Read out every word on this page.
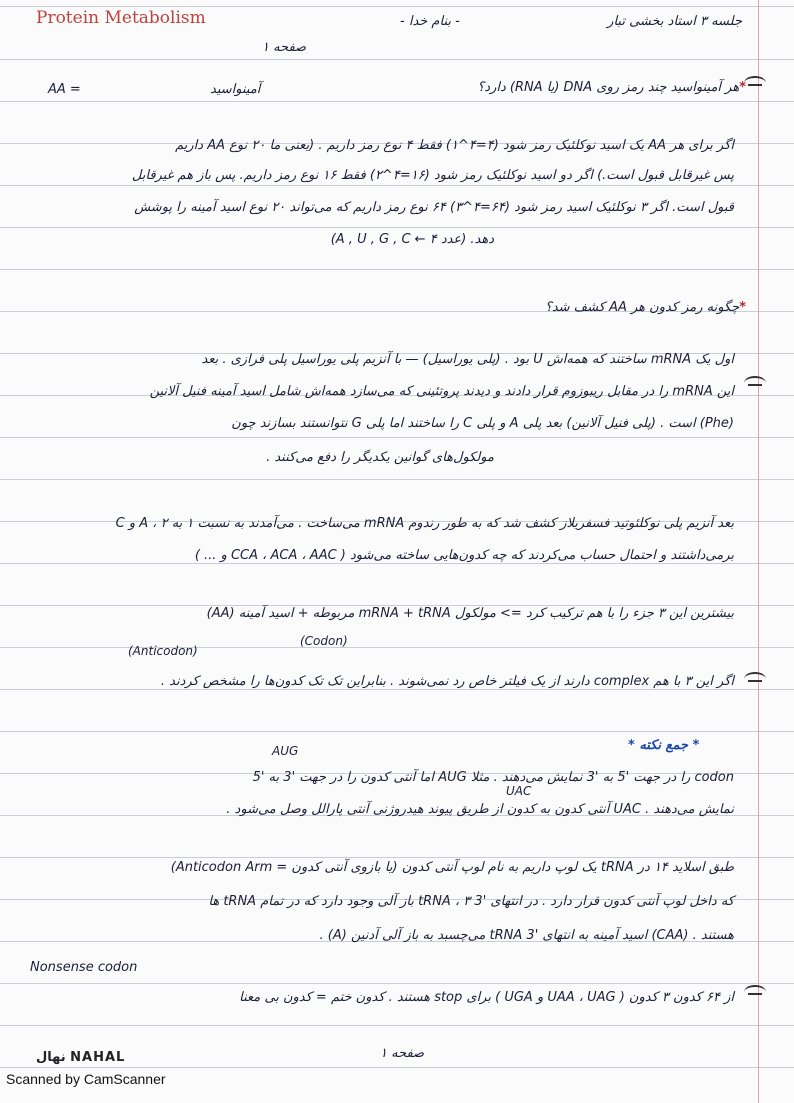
Protein Metabolism	- بنام خدا -	جلسه ۳ استاد بخشی تبار
صفحه ۱
AA =	آمینواسید	*هر آمینواسید چند رمز روی DNA (یا RNA) دارد؟
اگر برای هر AA یک اسید نوکلئیک رمز شود (۴=۴^۱) فقط ۴ نوع رمز داریم . (یعنی ما ۲۰ نوع AA داریم
پس غیرقابل قبول است.) اگر دو اسید نوکلئیک رمز شود (۱۶=۴^۲) فقط ۱۶ نوع رمز داریم. پس باز هم غیرقابل
قبول است. اگر ۳ نوکلئیک اسید رمز شود (۶۴=۴^۳) ۶۴ نوع رمز داریم که می‌تواند ۲۰ نوع اسید آمینه را پوشش
دهد. (عدد ۴ ← A , U , G , C)
*چگونه رمز کدون هر AA کشف شد؟
اول یک mRNA ساختند که همه‌اش U بود . (پلی یوراسیل) — با آنزیم پلی یوراسیل پلی فرازی . بعد
این mRNA را در مقابل ریبوزوم قرار دادند و دیدند پروتئینی که می‌سازد همه‌اش شامل اسید آمینه فنیل آلانین
(Phe) است . (پلی فنیل آلانین) بعد پلی A و پلی C را ساختند اما پلی G نتوانستند بسازند چون
مولکول‌های گوانین یکدیگر را دفع می‌کنند .
بعد آنزیم پلی نوکلئوتید فسفریلاز کشف شد که به طور رندوم mRNA می‌ساخت . می‌آمدند به نسبت ۱ به ۲ ، A و C
برمی‌داشتند و احتمال حساب می‌کردند که چه کدون‌هایی ساخته می‌شود ( CCA ، ACA ، AAC و ... )
بیشترین این ۳ جزء را با هم ترکیب کرد => مولکول mRNA + tRNA مربوطه + اسید آمینه (AA)
(Codon)
(Anticodon)
اگر این ۳ با هم complex دارند از یک فیلتر خاص رد نمی‌شوند . بنابراین تک تک کدون‌ها را مشخص کردند .
* جمع نکته *
AUG
codon را در جهت '5 به '3 نمایش می‌دهند . مثلا AUG اما آنتی کدون را در جهت '3 به '5
نمایش می‌دهند . UAC آنتی کدون به کدون از طریق پیوند هیدروژنی آنتی پارالل وصل می‌شود .
UAC
طبق اسلاید ۱۴ در tRNA یک لوپ داریم به نام لوپ آنتی کدون (یا بازوی آنتی کدون = Anticodon Arm)
که داخل لوپ آنتی کدون قرار دارد . در انتهای '3 tRNA ، ۳ باز آلی وجود دارد که در تمام tRNA ها
هستند . (CAA) اسید آمینه به انتهای '3 tRNA می‌چسبد به باز آلی آدنین (A) .
Nonsense codon
از ۶۴ کدون ۳ کدون ( UAA ، UAG و UGA ) برای stop هستند . کدون ختم = کدون بی معنا
صفحه ۱
نهال NAHAL
Scanned by CamScanner
